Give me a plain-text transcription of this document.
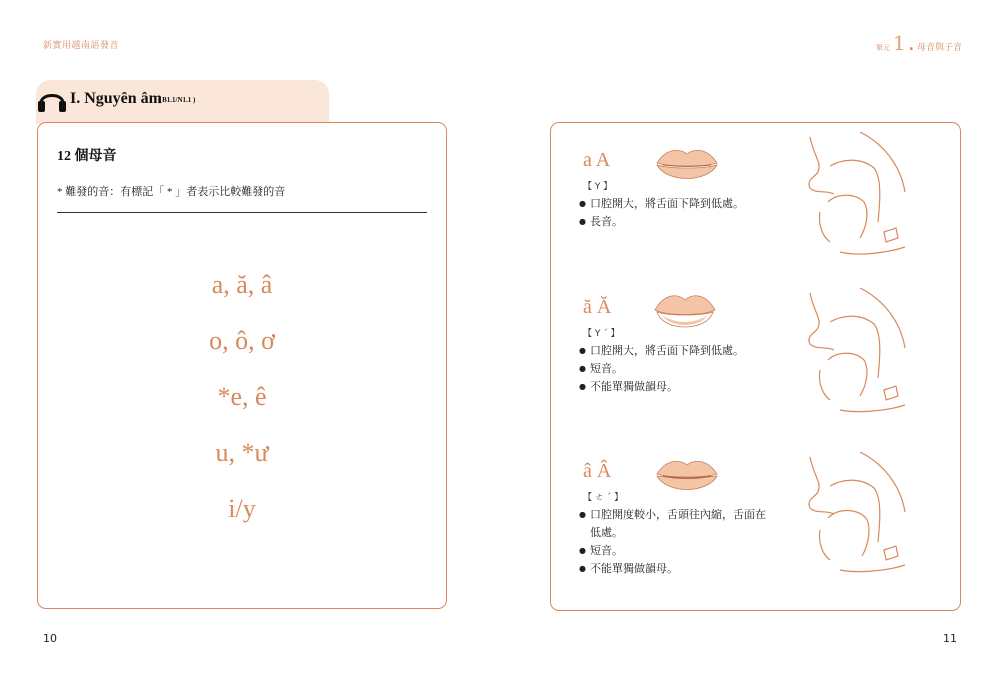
新實用越南語發音	單元 1 . 母音與子音
I. Nguyên âm
( B1.1/N1.1 )
12 個母音
* 難發的音：有標記「 * 」者表示比較難發的音
a, ă, â
o, ô, ơ
*e, ê
u, *ư
i/y
a A
【 Y 】
● 口腔開大，將舌面下降到低處。
● 長音。
ă Ă
【 Y ˊ 】
● 口腔開大，將舌面下降到低處。
● 短音。
● 不能單獨做韻母。
â Â
【 ㄜ ˊ 】
● 口腔開度較小，舌頭往內縮，舌面在
低處。
● 短音。
● 不能單獨做韻母。
10	11
